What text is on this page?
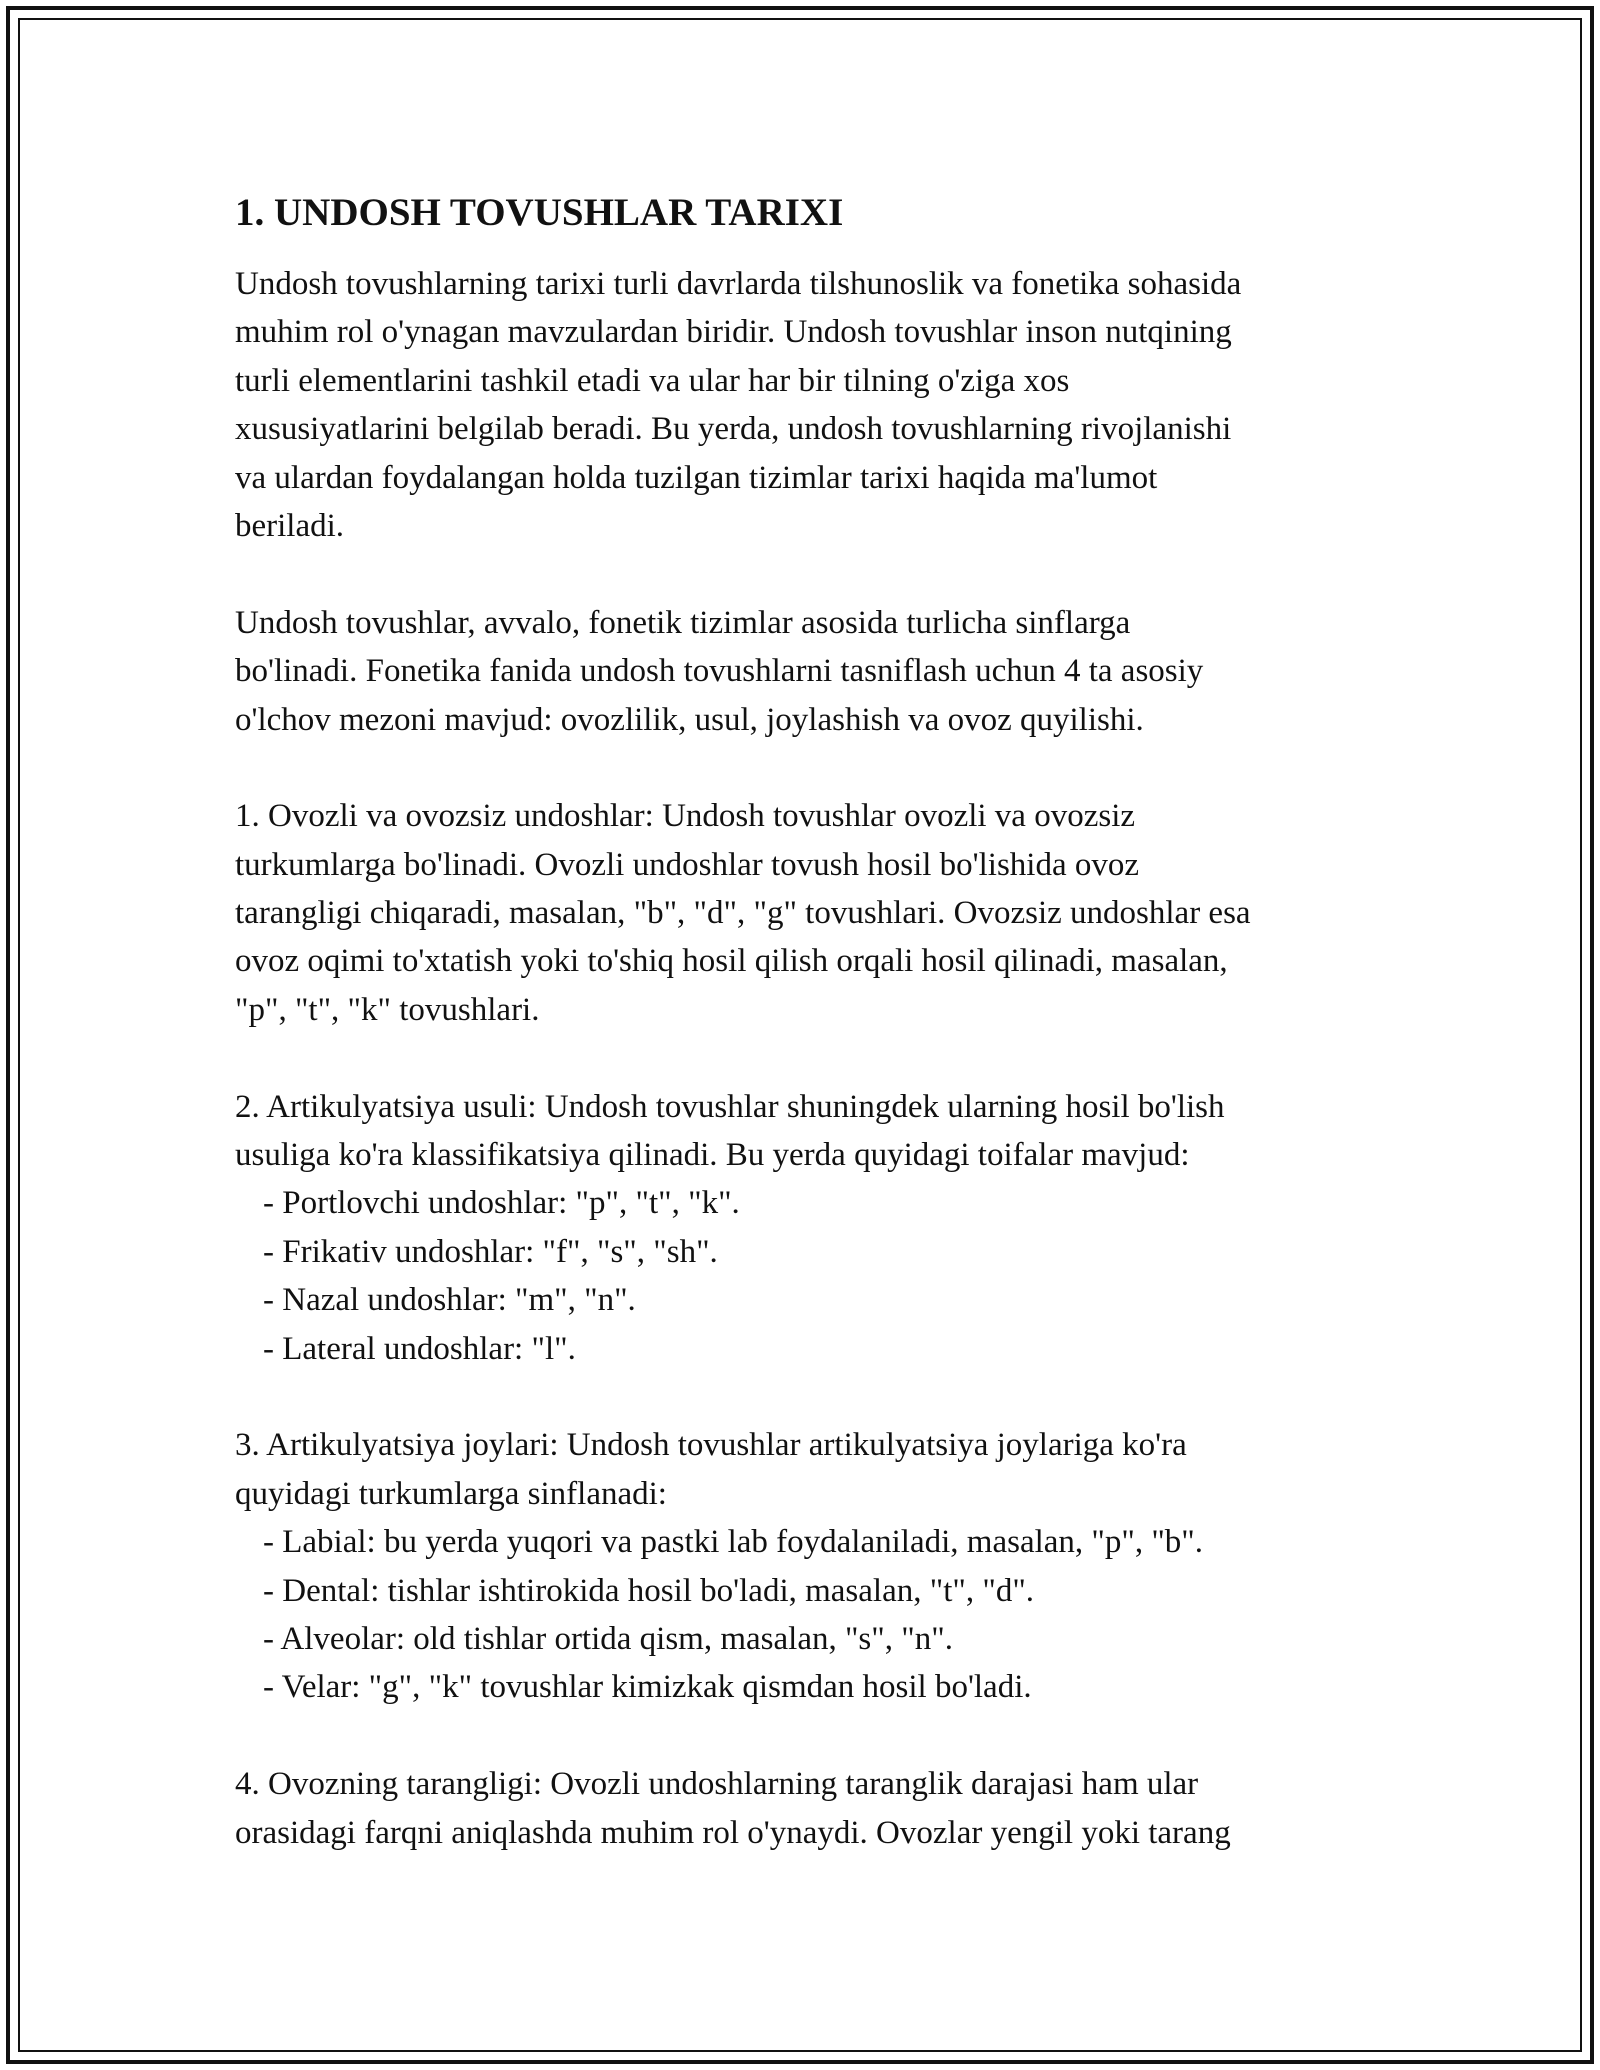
1. UNDOSH TOVUSHLAR TARIXI
Undosh tovushlarning tarixi turli davrlarda tilshunoslik va fonetika sohasida
muhim rol o'ynagan mavzulardan biridir. Undosh tovushlar inson nutqining
turli elementlarini tashkil etadi va ular har bir tilning o'ziga xos
xususiyatlarini belgilab beradi. Bu yerda, undosh tovushlarning rivojlanishi
va ulardan foydalangan holda tuzilgan tizimlar tarixi haqida ma'lumot
beriladi.
Undosh tovushlar, avvalo, fonetik tizimlar asosida turlicha sinflarga
bo'linadi. Fonetika fanida undosh tovushlarni tasniflash uchun 4 ta asosiy
o'lchov mezoni mavjud: ovozlilik, usul, joylashish va ovoz quyilishi.
1. Ovozli va ovozsiz undoshlar: Undosh tovushlar ovozli va ovozsiz
turkumlarga bo'linadi. Ovozli undoshlar tovush hosil bo'lishida ovoz
tarangligi chiqaradi, masalan, "b", "d", "g" tovushlari. Ovozsiz undoshlar esa
ovoz oqimi to'xtatish yoki to'shiq hosil qilish orqali hosil qilinadi, masalan,
"p", "t", "k" tovushlari.
2. Artikulyatsiya usuli: Undosh tovushlar shuningdek ularning hosil bo'lish
usuliga ko'ra klassifikatsiya qilinadi. Bu yerda quyidagi toifalar mavjud:
- Portlovchi undoshlar: "p", "t", "k".
- Frikativ undoshlar: "f", "s", "sh".
- Nazal undoshlar: "m", "n".
- Lateral undoshlar: "l".
3. Artikulyatsiya joylari: Undosh tovushlar artikulyatsiya joylariga ko'ra
quyidagi turkumlarga sinflanadi:
- Labial: bu yerda yuqori va pastki lab foydalaniladi, masalan, "p", "b".
- Dental: tishlar ishtirokida hosil bo'ladi, masalan, "t", "d".
- Alveolar: old tishlar ortida qism, masalan, "s", "n".
- Velar: "g", "k" tovushlar kimizkak qismdan hosil bo'ladi.
4. Ovozning tarangligi: Ovozli undoshlarning taranglik darajasi ham ular
orasidagi farqni aniqlashda muhim rol o'ynaydi. Ovozlar yengil yoki tarang
